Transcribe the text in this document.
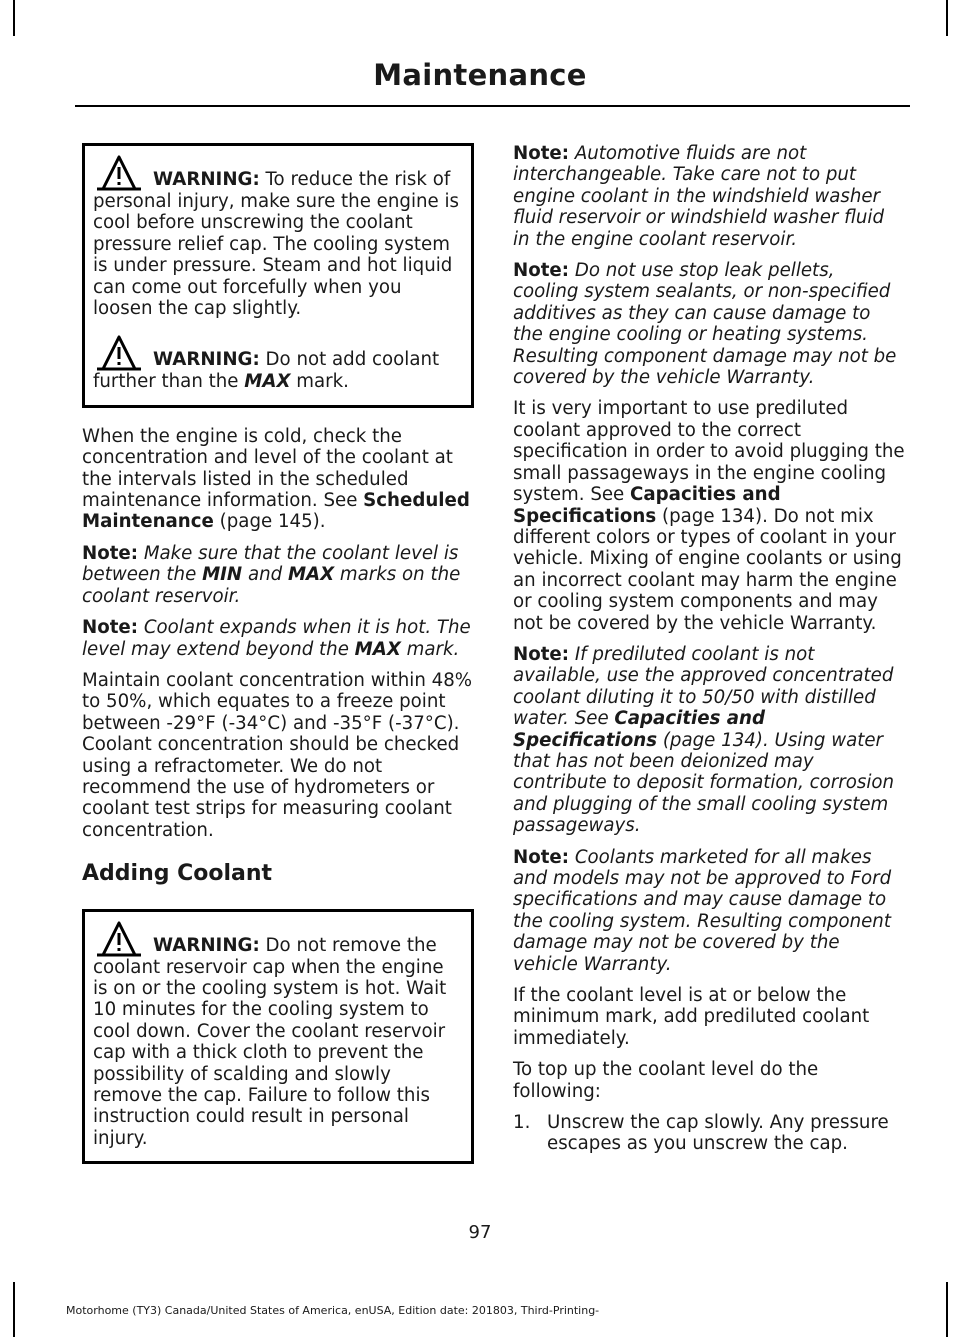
Maintenance

WARNING: To reduce the risk of personal injury, make sure the engine is cool before unscrewing the coolant pressure relief cap. The cooling system is under pressure. Steam and hot liquid can come out forcefully when you loosen the cap slightly.

WARNING: Do not add coolant further than the MAX mark.

When the engine is cold, check the concentration and level of the coolant at the intervals listed in the scheduled maintenance information. See Scheduled Maintenance (page 145).

Note: Make sure that the coolant level is between the MIN and MAX marks on the coolant reservoir.

Note: Coolant expands when it is hot. The level may extend beyond the MAX mark.

Maintain coolant concentration within 48% to 50%, which equates to a freeze point between -29°F (-34°C) and -35°F (-37°C). Coolant concentration should be checked using a refractometer. We do not recommend the use of hydrometers or coolant test strips for measuring coolant concentration.

Adding Coolant

WARNING: Do not remove the coolant reservoir cap when the engine is on or the cooling system is hot. Wait 10 minutes for the cooling system to cool down. Cover the coolant reservoir cap with a thick cloth to prevent the possibility of scalding and slowly remove the cap. Failure to follow this instruction could result in personal injury.

Note: Automotive fluids are not interchangeable. Take care not to put engine coolant in the windshield washer fluid reservoir or windshield washer fluid in the engine coolant reservoir.

Note: Do not use stop leak pellets, cooling system sealants, or non-specified additives as they can cause damage to the engine cooling or heating systems. Resulting component damage may not be covered by the vehicle Warranty.

It is very important to use prediluted coolant approved to the correct specification in order to avoid plugging the small passageways in the engine cooling system. See Capacities and Specifications (page 134). Do not mix different colors or types of coolant in your vehicle. Mixing of engine coolants or using an incorrect coolant may harm the engine or cooling system components and may not be covered by the vehicle Warranty.

Note: If prediluted coolant is not available, use the approved concentrated coolant diluting it to 50/50 with distilled water. See Capacities and Specifications (page 134). Using water that has not been deionized may contribute to deposit formation, corrosion and plugging of the small cooling system passageways.

Note: Coolants marketed for all makes and models may not be approved to Ford specifications and may cause damage to the cooling system. Resulting component damage may not be covered by the vehicle Warranty.

If the coolant level is at or below the minimum mark, add prediluted coolant immediately.

To top up the coolant level do the following:

1. Unscrew the cap slowly. Any pressure escapes as you unscrew the cap.
97
Motorhome (TY3) Canada/United States of America, enUSA, Edition date: 201803, Third-Printing-
